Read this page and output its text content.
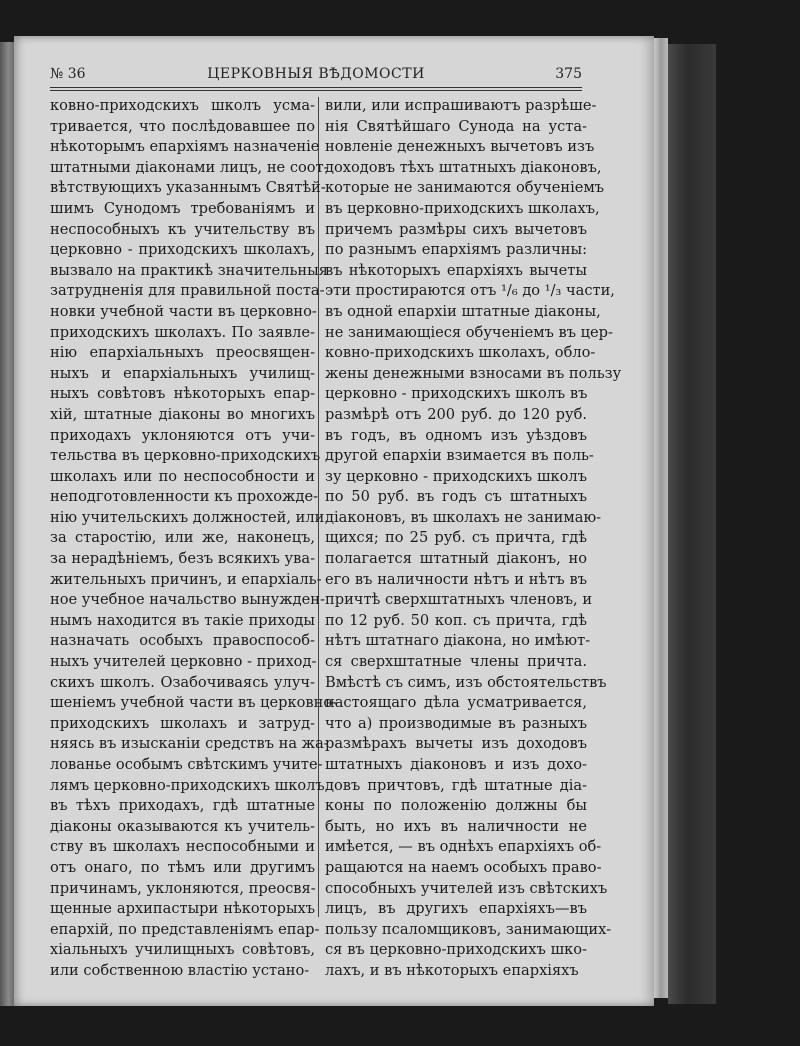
№ 36	ЦЕРКОВНЫЯ ВѢДОМОСТИ	375
ковно-приходскихъ школъ усма-
тривается, что послѣдовавшее по
нѣкоторымъ епархіямъ назначеніе
штатными діаконами лицъ, не соот-
вѣтствующихъ указаннымъ Святѣй-
шимъ Сунодомъ требованіямъ и
неспособныхъ къ учительству въ
церковно - приходскихъ школахъ,
вызвало на практикѣ значительныя
затрудненія для правильной поста-
новки учебной части въ церковно-
приходскихъ школахъ. По заявле-
нію епархіальныхъ преосвящен-
ныхъ и епархіальныхъ училищ-
ныхъ совѣтовъ нѣкоторыхъ епар-
хій, штатные діаконы во многихъ
приходахъ уклоняются отъ учи-
тельства въ церковно-приходскихъ
школахъ или по неспособности и
неподготовленности къ прохожде-
нію учительскихъ должностей, или
за старостію, или же, наконецъ,
за нерадѣніемъ, безъ всякихъ ува-
жительныхъ причинъ, и епархіаль-
ное учебное начальство вынужден-
нымъ находится въ такіе приходы
назначать особыхъ правоспособ-
ныхъ учителей церковно - приход-
скихъ школъ. Озабочиваясь улуч-
шеніемъ учебной части въ церковно-
приходскихъ школахъ и затруд-
няясь въ изысканіи средствъ на жа-
лованье особымъ свѣтскимъ учите-
лямъ церковно-приходскихъ школъ
въ тѣхъ приходахъ, гдѣ штатные
діаконы оказываются къ учитель-
ству въ школахъ неспособными и
отъ онаго, по тѣмъ или другимъ
причинамъ, уклоняются, преосвя-
щенные архипастыри нѣкоторыхъ
епархій, по представленіямъ епар-
хіальныхъ училищныхъ совѣтовъ,
или собственною властію устано-
вили, или испрашиваютъ разрѣше-
нія Святѣйшаго Сунода на уста-
новленіе денежныхъ вычетовъ изъ
доходовъ тѣхъ штатныхъ діаконовъ,
которые не занимаются обученіемъ
въ церковно-приходскихъ школахъ,
причемъ размѣры сихъ вычетовъ
по разнымъ епархіямъ различны:
въ нѣкоторыхъ епархіяхъ вычеты
эти простираются отъ ¹/₆ до ¹/₃ части,
въ одной епархіи штатные діаконы,
не занимающіеся обученіемъ въ цер-
ковно-приходскихъ школахъ, обло-
жены денежными взносами въ пользу
церковно - приходскихъ школъ въ
размѣрѣ отъ 200 руб. до 120 руб.
въ годъ, въ одномъ изъ уѣздовъ
другой епархіи взимается въ поль-
зу церковно - приходскихъ школъ
по 50 руб. въ годъ съ штатныхъ
діаконовъ, въ школахъ не занимаю-
щихся; по 25 руб. съ причта, гдѣ
полагается штатный діаконъ, но
его въ наличности нѣтъ и нѣтъ въ
причтѣ сверхштатныхъ членовъ, и
по 12 руб. 50 коп. съ причта, гдѣ
нѣтъ штатнаго діакона, но имѣют-
ся сверхштатные члены причта.
Вмѣстѣ съ симъ, изъ обстоятельствъ
настоящаго дѣла усматривается,
что а) производимые въ разныхъ
размѣрахъ вычеты изъ доходовъ
штатныхъ діаконовъ и изъ дохо-
довъ причтовъ, гдѣ штатные діа-
коны по положенію должны бы
быть, но ихъ въ наличности не
имѣется, — въ однѣхъ епархіяхъ об-
ращаются на наемъ особыхъ право-
способныхъ учителей изъ свѣтскихъ
лицъ, въ другихъ епархіяхъ—въ
пользу псаломщиковъ, занимающих-
ся въ церковно-приходскихъ шко-
лахъ, и въ нѣкоторыхъ епархіяхъ
